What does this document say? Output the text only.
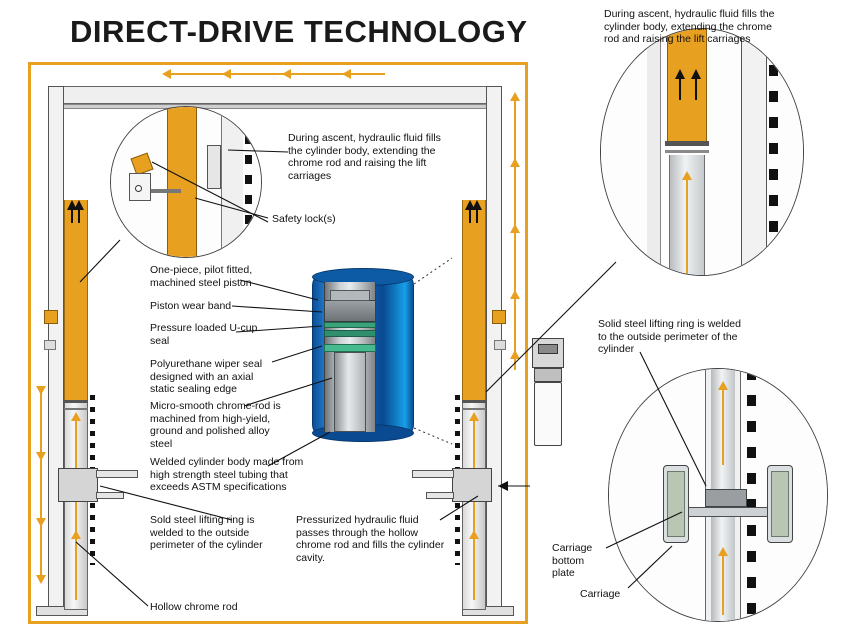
DIRECT-DRIVE TECHNOLOGY
During ascent, hydraulic fluid fills the cylinder body, extending the chrome rod and raising the lift carriages
Safety lock(s)
One-piece, pilot fitted, machined steel piston
Piston wear band
Pressure loaded U-cup seal
Polyurethane wiper seal designed with an axial static sealing edge
Micro-smooth chrome-rod is machined from high-yield, ground and polished alloy steel
Welded cylinder body made from high strength steel tubing that exceeds ASTM specifications
Sold steel lifting ring is welded to the outside perimeter of the cylinder
Hollow chrome rod
Pressurized hydraulic fluid passes through the hollow chrome rod and fills the cylinder cavity.
During ascent, hydraulic fluid fills the cylinder body, extending the chrome rod and raising the lift carriages
Solid steel lifting ring is welded to the outside perimeter of the cylinder
Carriage bottom plate
Carriage
